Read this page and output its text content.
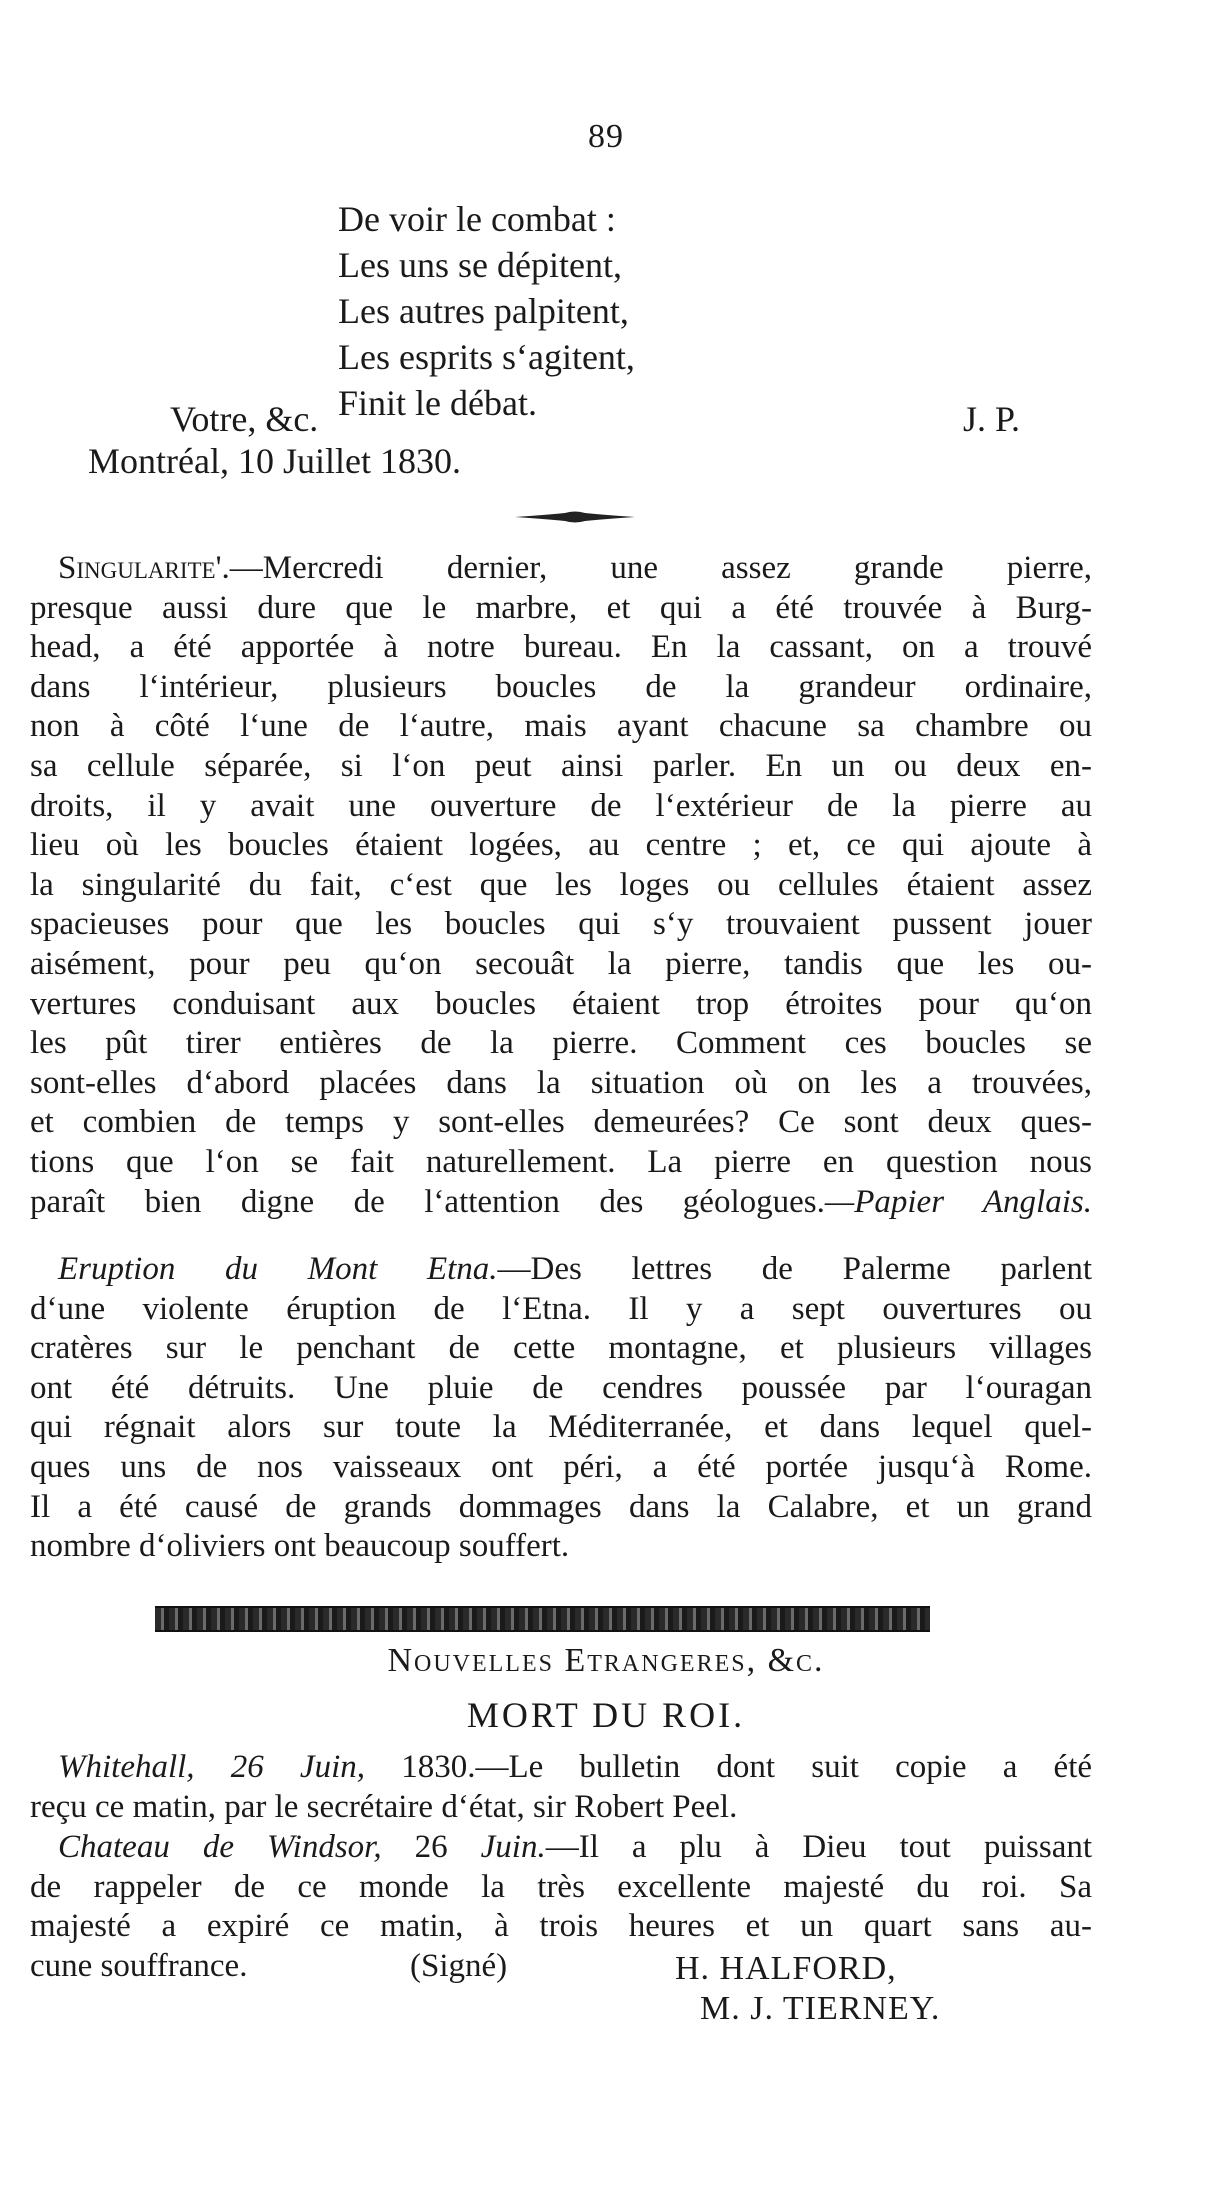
89
De voir le combat :
Les uns se dépitent,
Les autres palpitent,
Les esprits s‘agitent,
Finit le débat.
Votre, &c.	J. P.
Montréal, 10 Juillet 1830.
Singularite'.—Mercredi dernier, une assez grande pierre,
presque aussi dure que le marbre, et qui a été trouvée à Burg-
head, a été apportée à notre bureau. En la cassant, on a trouvé
dans l‘intérieur, plusieurs boucles de la grandeur ordinaire,
non à côté l‘une de l‘autre, mais ayant chacune sa chambre ou
sa cellule séparée, si l‘on peut ainsi parler. En un ou deux en-
droits, il y avait une ouverture de l‘extérieur de la pierre au
lieu où les boucles étaient logées, au centre ; et, ce qui ajoute à
la singularité du fait, c‘est que les loges ou cellules étaient assez
spacieuses pour que les boucles qui s‘y trouvaient pussent jouer
aisément, pour peu qu‘on secouât la pierre, tandis que les ou-
vertures conduisant aux boucles étaient trop étroites pour qu‘on
les pût tirer entières de la pierre. Comment ces boucles se
sont-elles d‘abord placées dans la situation où on les a trouvées,
et combien de temps y sont-elles demeurées? Ce sont deux ques-
tions que l‘on se fait naturellement. La pierre en question nous
paraît bien digne de l‘attention des géologues.—Papier Anglais.
Eruption du Mont Etna.—Des lettres de Palerme parlent
d‘une violente éruption de l‘Etna. Il y a sept ouvertures ou
cratères sur le penchant de cette montagne, et plusieurs villages
ont été détruits. Une pluie de cendres poussée par l‘ouragan
qui régnait alors sur toute la Méditerranée, et dans lequel quel-
ques uns de nos vaisseaux ont péri, a été portée jusqu‘à Rome.
Il a été causé de grands dommages dans la Calabre, et un grand
nombre d‘oliviers ont beaucoup souffert.
Nouvelles Etrangeres, &c.
MORT DU ROI.
Whitehall, 26 Juin, 1830.—Le bulletin dont suit copie a été
reçu ce matin, par le secrétaire d‘état, sir Robert Peel.
Chateau de Windsor, 26 Juin.—Il a plu à Dieu tout puissant
de rappeler de ce monde la très excellente majesté du roi. Sa
majesté a expiré ce matin, à trois heures et un quart sans au-
cune souffrance.	(Signé)	H. HALFORD,
M. J. TIERNEY.
